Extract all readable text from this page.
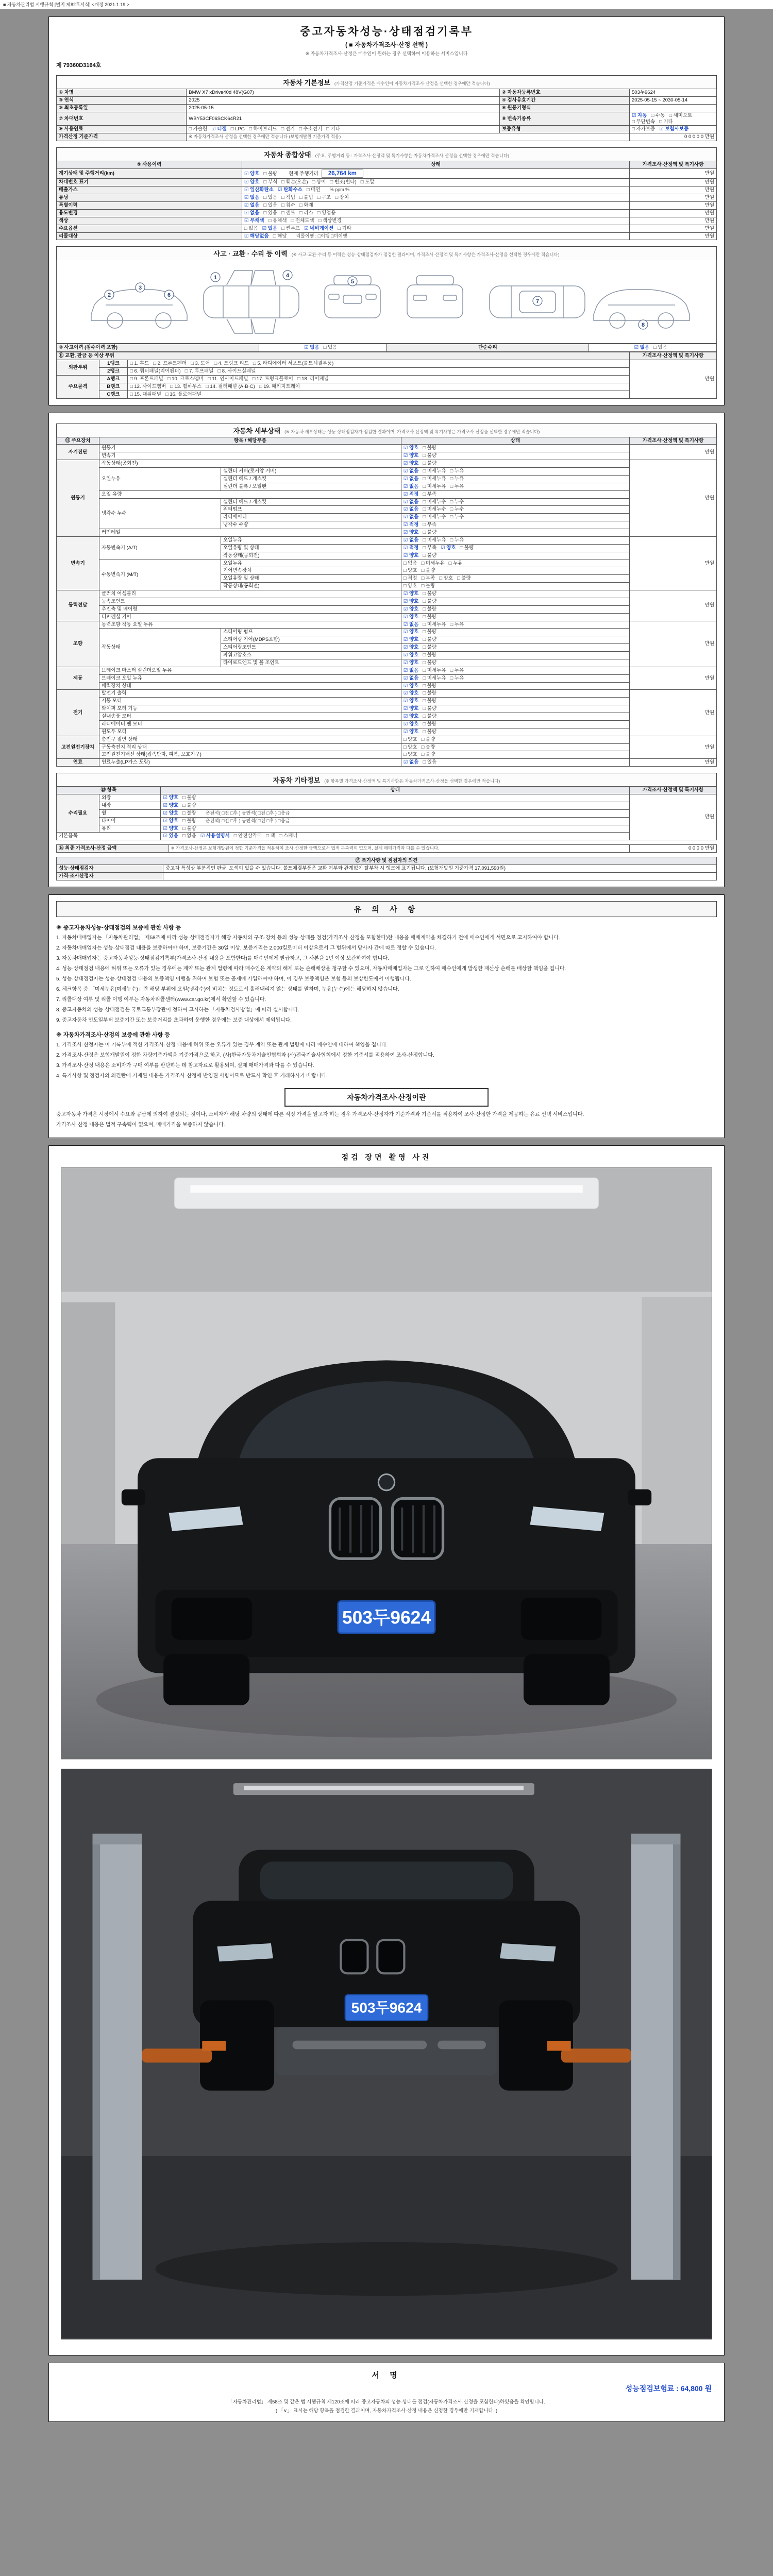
■ 자동차관리법 시행규칙 [별지 제82호서식] <개정 2021.1.19.>
중고자동차성능·상태점검기록부
( ■ 자동차가격조사·산정 선택 )
※ 자동차가격조사·산정은 매수인이 원하는 경우 선택하여 이용하는 서비스입니다
제 79360D3164호
자동차 기본정보 (가격산정 기준가격은 매수인이 자동차가격조사·산정을 선택한 경우에만 적습니다)
① 차명	BMW X7 xDrive40d 48V(G07)	② 자동차등록번호	503두9624
③ 연식	2025	④ 검사유효기간	2025-05-15 ~ 2030-05-14
⑤ 최초등록일	2025-05-15	⑥ 원동기형식	
⑦ 차대번호	WBY53CF06SCK64R21	⑧ 변속기종류	☑ 자동 □ 수동 □ 세미오토□ 무단변속 □ 기타
⑨ 사용연료	□ 가솔린 ☑ 디젤 □ LPG □ 하이브리드 □ 전기 □ 수소전기 □ 기타	보증유형	□ 자가보증 ☑ 보험사보증
가격산정 기준가격	※ 자동차가격조사·산정을 선택한 경우에만 적습니다 (보험개발원 기준가격 적용)		0 0 0 0 0 만원
자동차 종합상태 (주요, 주행거리 등 : 가격조사·산정액 및 특기사항은 자동차가격조사·산정을 선택한 경우에만 적습니다)
⑨ 사용이력	상태	가격조사·산정액 및 특기사항
계기상태 및 주행거리(km)	☑ 양호 □ 불량 현재 주행거리 26,764 km	만원
차대번호 표기	☑ 양호 □ 부식 □ 훼손(오손) □ 상이 □ 변조(변타) □ 도말	만원
배출가스	☑ 일산화탄소 ☑ 탄화수소 □ 매연 % ppm %	만원
튜닝	☑ 없음 □ 있음 □ 적법 □ 불법 □ 구조 □ 장치	만원
특별이력	☑ 없음 □ 있음 □ 침수 □ 화재	만원
용도변경	☑ 없음 □ 있음 □ 렌트 □ 리스 □ 영업용	만원
색상	☑ 무채색 □ 유채색 □ 전체도색 □ 색상변경	만원
주요옵션	□ 없음 ☑ 있음 □ 썬루프 ☑ 네비게이션 □ 기타	만원
리콜대상	☑ 해당없음 □ 해당 리콜이행 : □이행 □미이행	만원
사고 · 교환 · 수리 등 이력 (※ 사고·교환·수리 등 이력은 성능·상태점검자가 점검한 결과이며, 가격조사·산정액 및 특기사항은 가격조사·산정을 선택한 경우에만 적습니다)
1
2
3
4
5
6
7
8
⑩ 사고이력 (침수이력 포함)	☑ 없음 □ 있음	단순수리	☑ 없음 □ 있음
⑪ 교환, 판금 등 이상 부위			가격조사·산정액 및 특기사항
외판부위	1랭크	□ 1. 후드 □ 2. 프론트펜더 □ 3. 도어 □ 4. 트렁크 리드 □ 5. 라디에이터 서포트(볼트체결부품)	만원
	2랭크	□ 6. 쿼터패널(리어펜더) □ 7. 루프패널 □ 8. 사이드실패널	
주요골격	A랭크	□ 9. 프론트패널 □ 10. 크로스멤버 □ 11. 인사이드패널 □ 17. 트렁크플로어 □ 18. 리어패널	
	B랭크	□ 12. 사이드멤버 □ 13. 휠하우스 □ 14. 필러패널 (A·B·C) □ 19. 패키지트레이	
	C랭크	□ 15. 대쉬패널 □ 16. 플로어패널	
자동차 세부상태 (※ 자동차 세부상태는 성능·상태점검자가 점검한 결과이며, 가격조사·산정액 및 특기사항은 가격조사·산정을 선택한 경우에만 적습니다)
⑫ 주요장치	항목 / 해당부품		상태	가격조사·산정액 및 특기사항
자기진단	원동기		☑ 양호 □ 불량	만원
	변속기		☑ 양호 □ 불량	
원동기	작동상태(공회전)		☑ 양호 □ 불량	만원
	오일누유	실린더 커버(로커암 커버)	☑ 없음 □ 미세누유 □ 누유	
		실린더 헤드 / 개스킷	☑ 없음 □ 미세누유 □ 누유	
		실린더 블록 / 오일팬	☑ 없음 □ 미세누유 □ 누유	
	오일 유량		☑ 적정 □ 부족	
	냉각수 누수	실린더 헤드 / 개스킷	☑ 없음 □ 미세누수 □ 누수	
		워터펌프	☑ 없음 □ 미세누수 □ 누수	
		라디에이터	☑ 없음 □ 미세누수 □ 누수	
		냉각수 수량	☑ 적정 □ 부족	
	커먼레일		☑ 양호 □ 불량	
변속기	자동변속기 (A/T)	오일누유	☑ 없음 □ 미세누유 □ 누유	만원
		오일유량 및 상태	☑ 적정 □ 부족 ☑ 양호 □ 불량	
		작동상태(공회전)	☑ 양호 □ 불량	
	수동변속기 (M/T)	오일누유	□ 없음 □ 미세누유 □ 누유	
		기어변속장치	□ 양호 □ 불량	
		오일유량 및 상태	□ 적정 □ 부족 □ 양호 □ 불량	
		작동상태(공회전)	□ 양호 □ 불량	
동력전달	클러치 어셈블리		☑ 양호 □ 불량	만원
	등속조인트		☑ 양호 □ 불량	
	추진축 및 베어링		☑ 양호 □ 불량	
	디퍼렌셜 기어		☑ 양호 □ 불량	
조향	동력조향 작동 오일 누유		☑ 없음 □ 미세누유 □ 누유	만원
	작동상태	스티어링 펌프	☑ 양호 □ 불량	
		스티어링 기어(MDPS포함)	☑ 양호 □ 불량	
		스티어링조인트	☑ 양호 □ 불량	
		파워고압호스	☑ 양호 □ 불량	
		타이로드엔드 및 볼 조인트	☑ 양호 □ 불량	
제동	브레이크 마스터 실린더오일 누유		☑ 없음 □ 미세누유 □ 누유	만원
	브레이크 오일 누유		☑ 없음 □ 미세누유 □ 누유	
	배력장치 상태		☑ 양호 □ 불량	
전기	발전기 출력		☑ 양호 □ 불량	만원
	시동 모터		☑ 양호 □ 불량	
	와이퍼 모터 기능		☑ 양호 □ 불량	
	실내송풍 모터		☑ 양호 □ 불량	
	라디에이터 팬 모터		☑ 양호 □ 불량	
	윈도우 모터		☑ 양호 □ 불량	
고전원전기장치	충전구 절연 상태		□ 양호 □ 불량	만원
	구동축전지 격리 상태		□ 양호 □ 불량	
	고전원전기배선 상태(접속단자, 피복, 보호기구)		□ 양호 □ 불량	
연료	연료누출(LP가스 포함)		☑ 없음 □ 있음	만원
자동차 기타정보 (※ 항목별 가격조사·산정액 및 특기사항은 자동차가격조사·산정을 선택한 경우에만 적습니다)
⑬ 항목		상태	가격조사·산정액 및 특기사항
수리필요	외장	☑ 양호 □ 불량	만원
	내장	☑ 양호 □ 불량	
	휠	☑ 양호 □ 불량 운전석( □전 □후 ) 동반석( □전 □후 ) □응급	
	타이어	☑ 양호 □ 불량 운전석( □전 □후 ) 동반석( □전 □후 ) □응급	
	유리	☑ 양호 □ 불량	
기본품목		☑ 있음 □ 없음 ☑ 사용설명서 □ 안전삼각대 □ 잭 □ 스패너	
⑭ 최종 가격조사·산정 금액	※ 가격조사·산정은 보험개발원이 정한 기준가격을 적용하여 조사·산정한 금액으로서 법적 구속력이 없으며, 실제 매매가격과 다를 수 있습니다.	0 0 0 0 만원
⑮ 특기사항 및 점검자의 의견	
성능·상태점검자	중고차 특성상 부분적인 판금, 도색이 있을 수 있습니다. 볼트체결부품은 교환 여부와 관계없이 탈부착 시 랭크에 표기됩니다. (보험개발원 기준가격 17,091,590원)
가격·조사산정자	
유 의 사 항
※ 중고자동차성능·상태점검의 보증에 관한 사항 등
1. 자동차매매업자는 「자동차관리법」 제58조에 따라 성능·상태점검자가 해당 자동차의 구조·장치 등의 성능·상태를 점검(가격조사·산정을 포함한다)한 내용을 매매계약을 체결하기 전에 매수인에게 서면으로 고지하여야 합니다.
2. 자동차매매업자는 성능·상태점검 내용을 보증하여야 하며, 보증기간은 30일 이상, 보증거리는 2,000킬로미터 이상으로서 그 범위에서 당사자 간에 따로 정할 수 있습니다.
3. 자동차매매업자는 중고자동차성능·상태점검기록부(가격조사·산정 내용을 포함한다)를 매수인에게 발급하고, 그 사본을 1년 이상 보관하여야 합니다.
4. 성능·상태점검 내용에 허위 또는 오류가 있는 경우에는 계약 또는 관계 법령에 따라 매수인은 계약의 해제 또는 손해배상을 청구할 수 있으며, 자동차매매업자는 그로 인하여 매수인에게 발생한 재산상 손해를 배상할 책임을 집니다.
5. 성능·상태점검자는 성능·상태점검 내용의 보증책임 이행을 위하여 보험 또는 공제에 가입하여야 하며, 이 경우 보증책임은 보험 등의 보상한도에서 이행됩니다.
6. 체크항목 중 「미세누유(미세누수)」란 해당 부위에 오일(냉각수)이 비치는 정도로서 흘러내리지 않는 상태를 말하며, 누유(누수)에는 해당하지 않습니다.
7. 리콜대상 여부 및 리콜 이행 여부는 자동차리콜센터(www.car.go.kr)에서 확인할 수 있습니다.
8. 중고자동차의 성능·상태점검은 국토교통부장관이 정하여 고시하는 「자동차검사방법」에 따라 실시합니다.
9. 중고자동차 인도일부터 보증기간 또는 보증거리를 초과하여 운행한 경우에는 보증 대상에서 제외됩니다.
※ 자동차가격조사·산정의 보증에 관한 사항 등
1. 가격조사·산정자는 이 기록부에 적힌 가격조사·산정 내용에 허위 또는 오류가 있는 경우 계약 또는 관계 법령에 따라 매수인에 대하여 책임을 집니다.
2. 가격조사·산정은 보험개발원이 정한 차량기준가액을 기준가격으로 하고, (사)한국자동차기술인협회와 (사)전국기술사협회에서 정한 기준서를 적용하여 조사·산정합니다.
3. 가격조사·산정 내용은 소비자가 구매 여부를 판단하는 데 참고자료로 활용되며, 실제 매매가격과 다를 수 있습니다.
4. 특기사항 및 점검자의 의견란에 기재된 내용은 가격조사·산정에 반영된 사항이므로 반드시 확인 후 거래하시기 바랍니다.
자동차가격조사·산정이란
중고자동차 가격은 시장에서 수요와 공급에 의하여 결정되는 것이나, 소비자가 해당 차량의 상태에 따른 적정 가격을 알고자 하는 경우 가격조사·산정자가 기준가격과 기준서를 적용하여 조사·산정한 가격을 제공하는 유료 선택 서비스입니다.
가격조사·산정 내용은 법적 구속력이 없으며, 매매가격을 보증하지 않습니다.
점검 장면 촬영 사진
503두9624
503두9624
서 명
성능점검보험료 : 64,800 원
「자동차관리법」 제58조 및 같은 법 시행규칙 제120조에 따라 중고자동차의 성능·상태를 점검(자동차가격조사·산정을 포함한다)하였음을 확인합니다.
( 「∨」 표시는 해당 항목을 점검한 결과이며, 자동차가격조사·산정 내용은 신청한 경우에만 기재합니다. )
